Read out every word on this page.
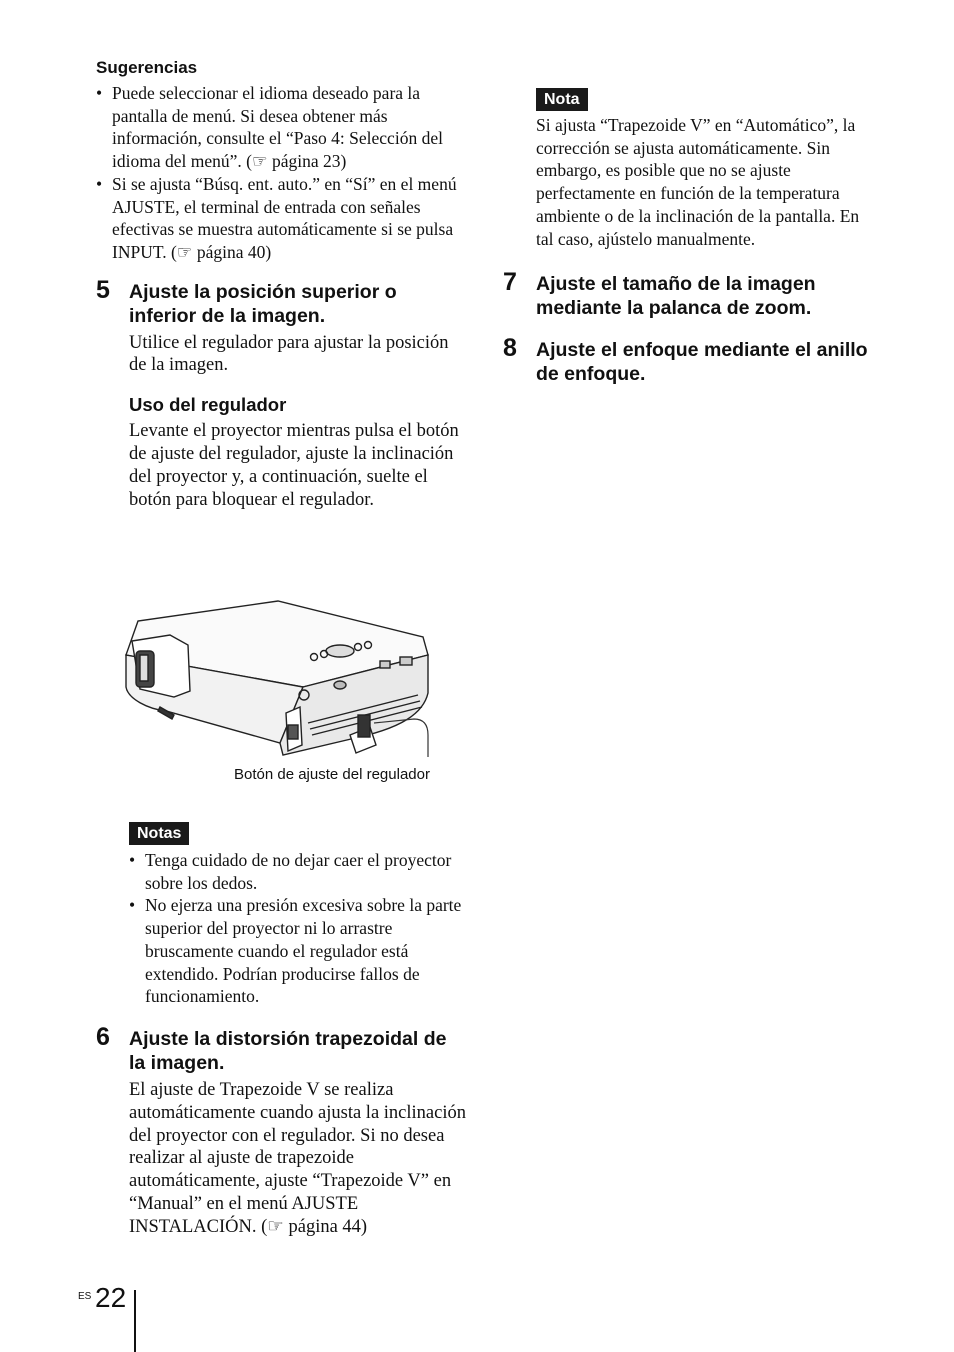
Sugerencias

• Puede seleccionar el idioma deseado para la pantalla de menú. Si desea obtener más información, consulte el “Paso 4: Selección del idioma del menú”. (☞ página 23)
• Si se ajusta “Búsq. ent. auto.” en “Sí” en el menú AJUSTE, el terminal de entrada con señales efectivas se muestra automáticamente si se pulsa INPUT. (☞ página 40)
5 Ajuste la posición superior o inferior de la imagen.

Utilice el regulador para ajustar la posición de la imagen.

Uso del regulador

Levante el proyector mientras pulsa el botón de ajuste del regulador, ajuste la inclinación del proyector y, a continuación, suelte el botón para bloquear el regulador.

Botón de ajuste del regulador
Notas
• Tenga cuidado de no dejar caer el proyector sobre los dedos.
• No ejerza una presión excesiva sobre la parte superior del proyector ni lo arrastre bruscamente cuando el regulador está extendido. Podrían producirse fallos de funcionamiento.
6 Ajuste la distorsión trapezoidal de la imagen.

El ajuste de Trapezoide V se realiza automáticamente cuando ajusta la inclinación del proyector con el regulador. Si no desea realizar al ajuste de trapezoide automáticamente, ajuste “Trapezoide V” en “Manual” en el menú AJUSTE INSTALACIÓN. (☞ página 44)

Nota

Si ajusta “Trapezoide V” en “Automático”, la corrección se ajusta automáticamente. Sin embargo, es posible que no se ajuste perfectamente en función de la temperatura ambiente o de la inclinación de la pantalla. En tal caso, ajústelo manualmente.

7 Ajuste el tamaño de la imagen mediante la palanca de zoom.

8 Ajuste el enfoque mediante el anillo de enfoque.

ES 22
